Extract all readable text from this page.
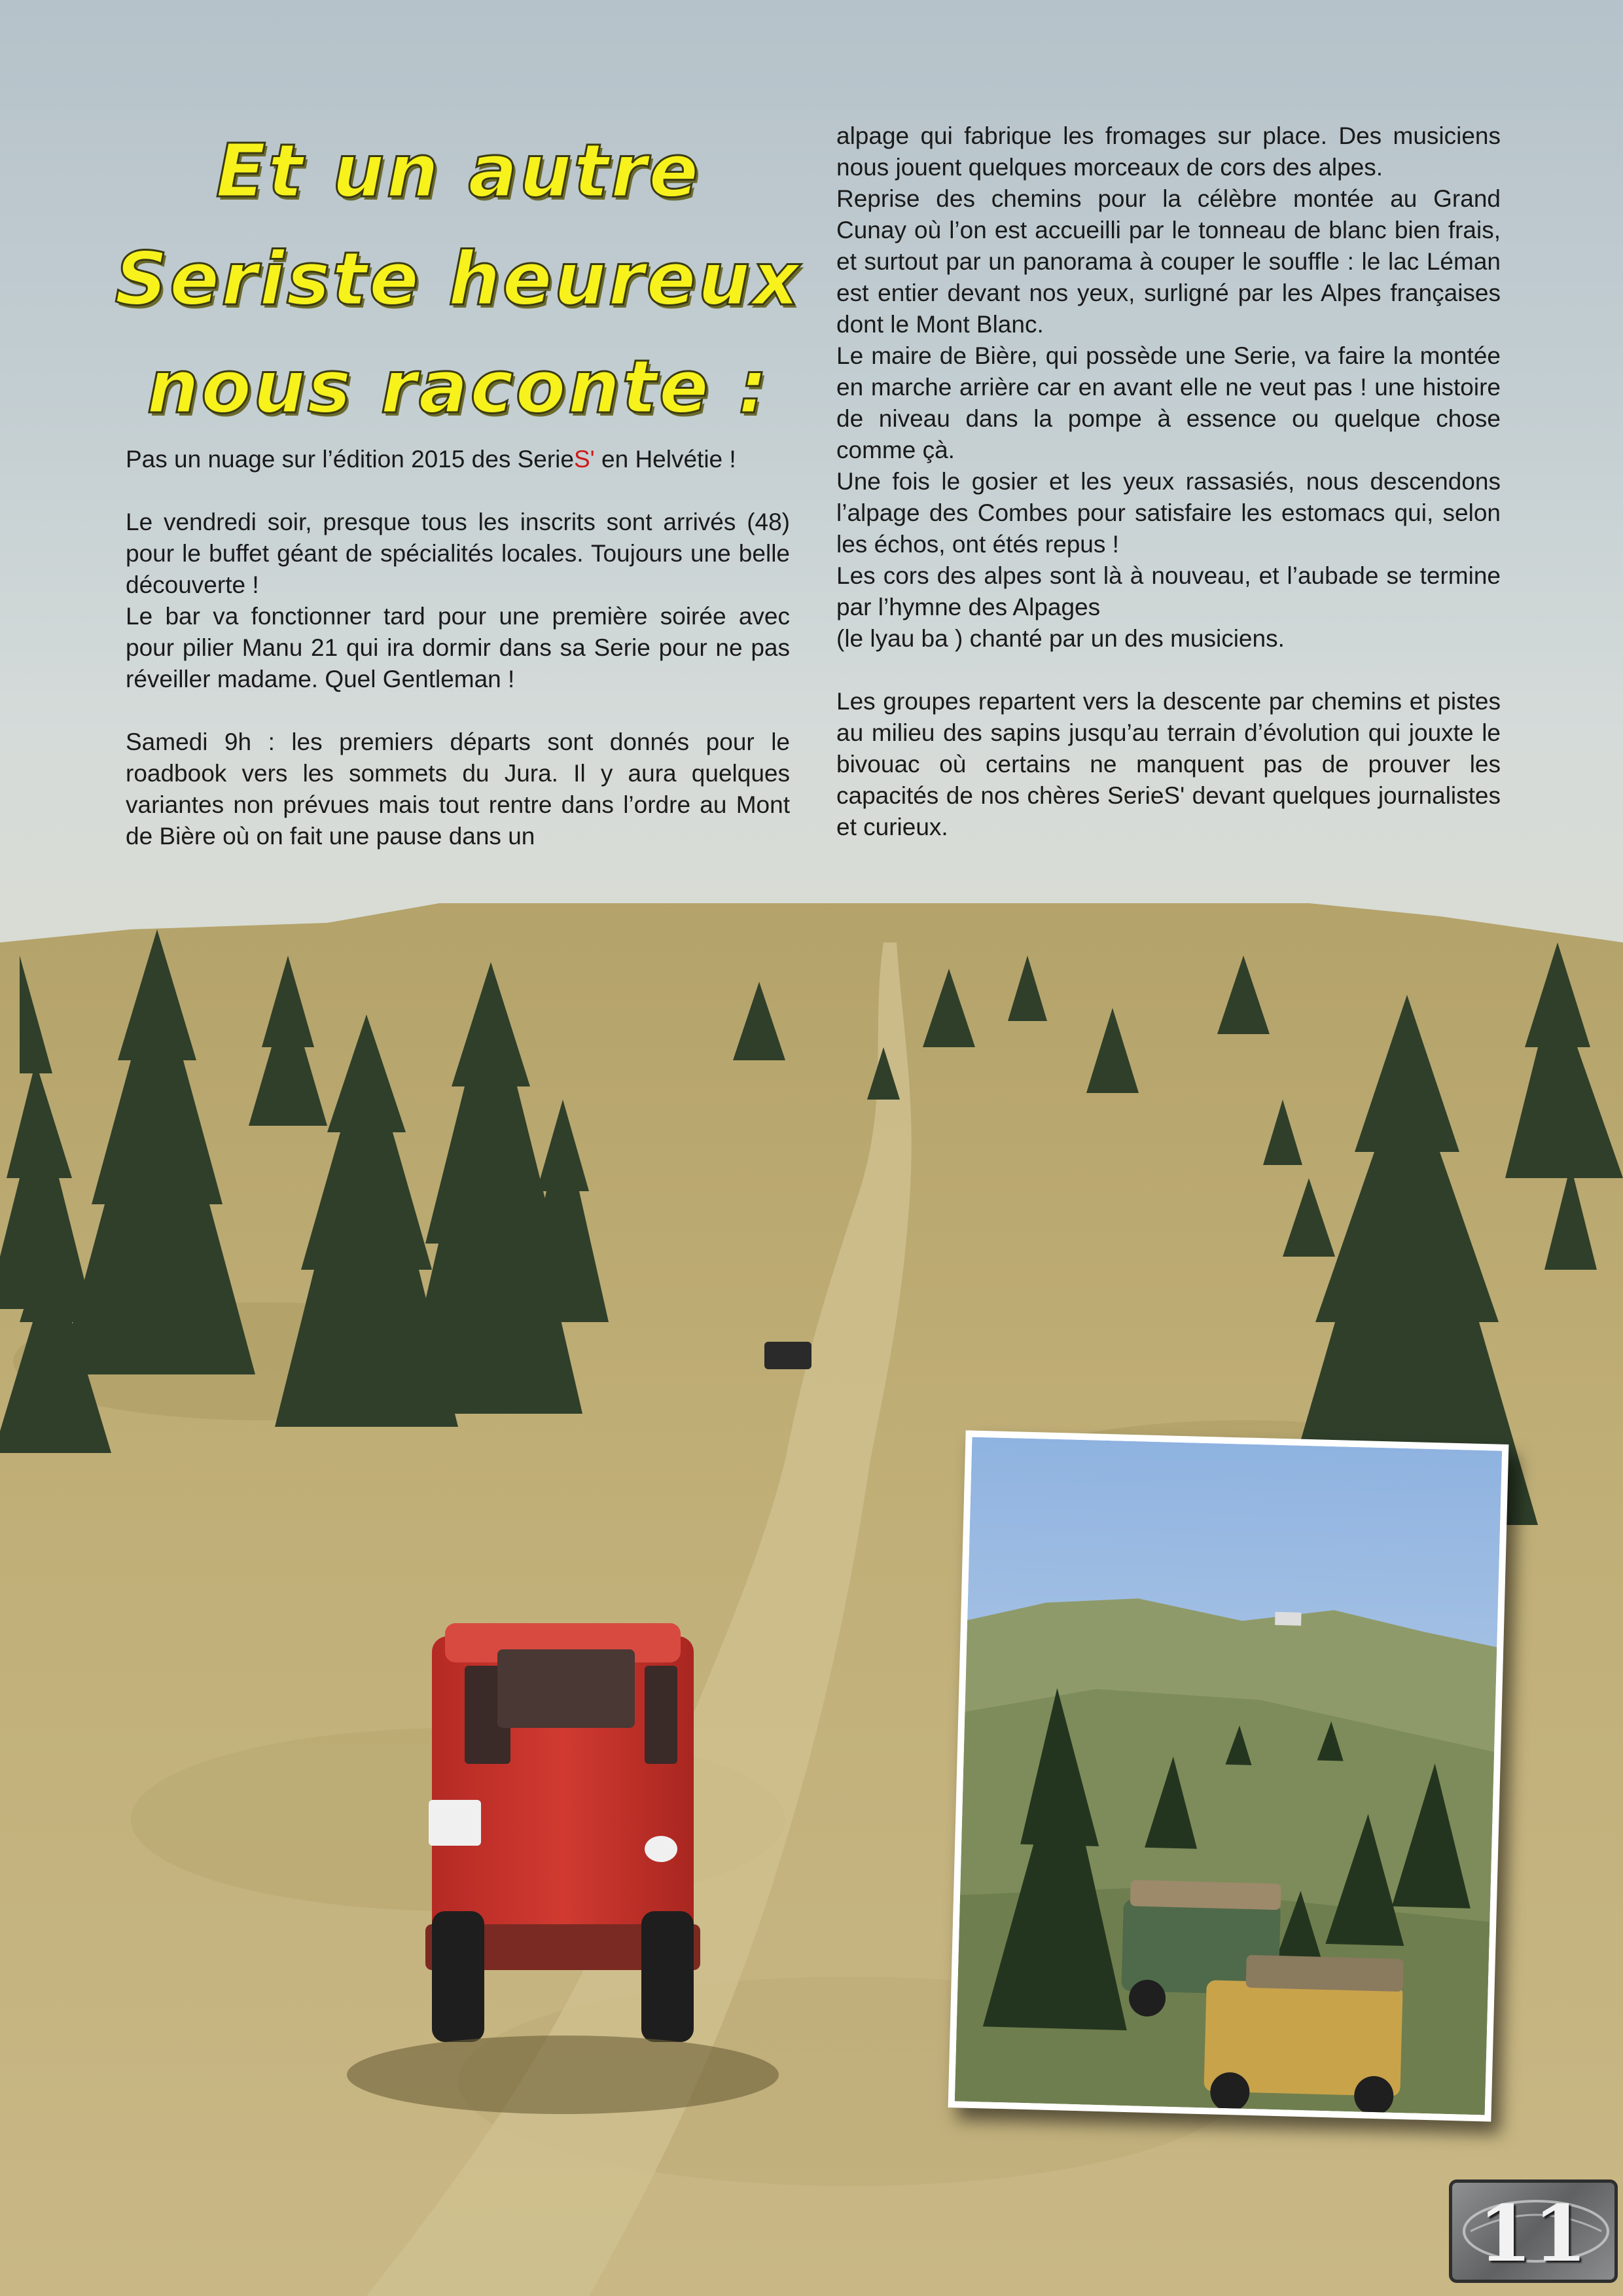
Et un autre
Seriste heureux
nous raconte :

Pas un nuage sur l’édition 2015 des SerieS' en Helvétie !

Le vendredi soir, presque tous les inscrits sont arrivés (48) pour le buffet géant de spécialités locales. Toujours une belle découverte !

Le bar va fonctionner tard pour une première soirée avec pour pilier Manu 21 qui ira dormir dans sa Serie pour ne pas réveiller madame. Quel Gentleman !

Samedi 9h : les premiers départs sont donnés pour le roadbook vers les sommets du Jura. Il y aura quelques variantes non prévues mais tout rentre dans l’ordre au Mont de Bière où on fait une pause dans un

alpage qui fabrique les fromages sur place. Des musiciens nous jouent quelques morceaux de cors des alpes.

Reprise des chemins pour la célèbre montée au Grand Cunay où l’on est accueilli par le tonneau de blanc bien frais, et surtout par un panorama à couper le souffle : le lac Léman est entier devant nos yeux, surligné par les Alpes françaises dont le Mont Blanc.

Le maire de Bière, qui possède une Serie, va faire la montée en marche arrière car en avant elle ne veut pas ! une histoire de niveau dans la pompe à essence ou quelque chose comme çà.

Une fois le gosier et les yeux rassasiés, nous descendons l’alpage des Combes pour satisfaire les estomacs qui, selon les échos, ont étés repus !

Les cors des alpes sont là à nouveau, et l’aubade se termine par l’hymne des Alpages

(le lyau ba ) chanté par un des musiciens.

Les groupes repartent vers la descente par chemins et pistes au milieu des sapins jusqu’au terrain d’évolution qui jouxte le bivouac où certains ne manquent pas de prouver les capacités de nos chères SerieS' devant quelques journalistes et curieux.

11
